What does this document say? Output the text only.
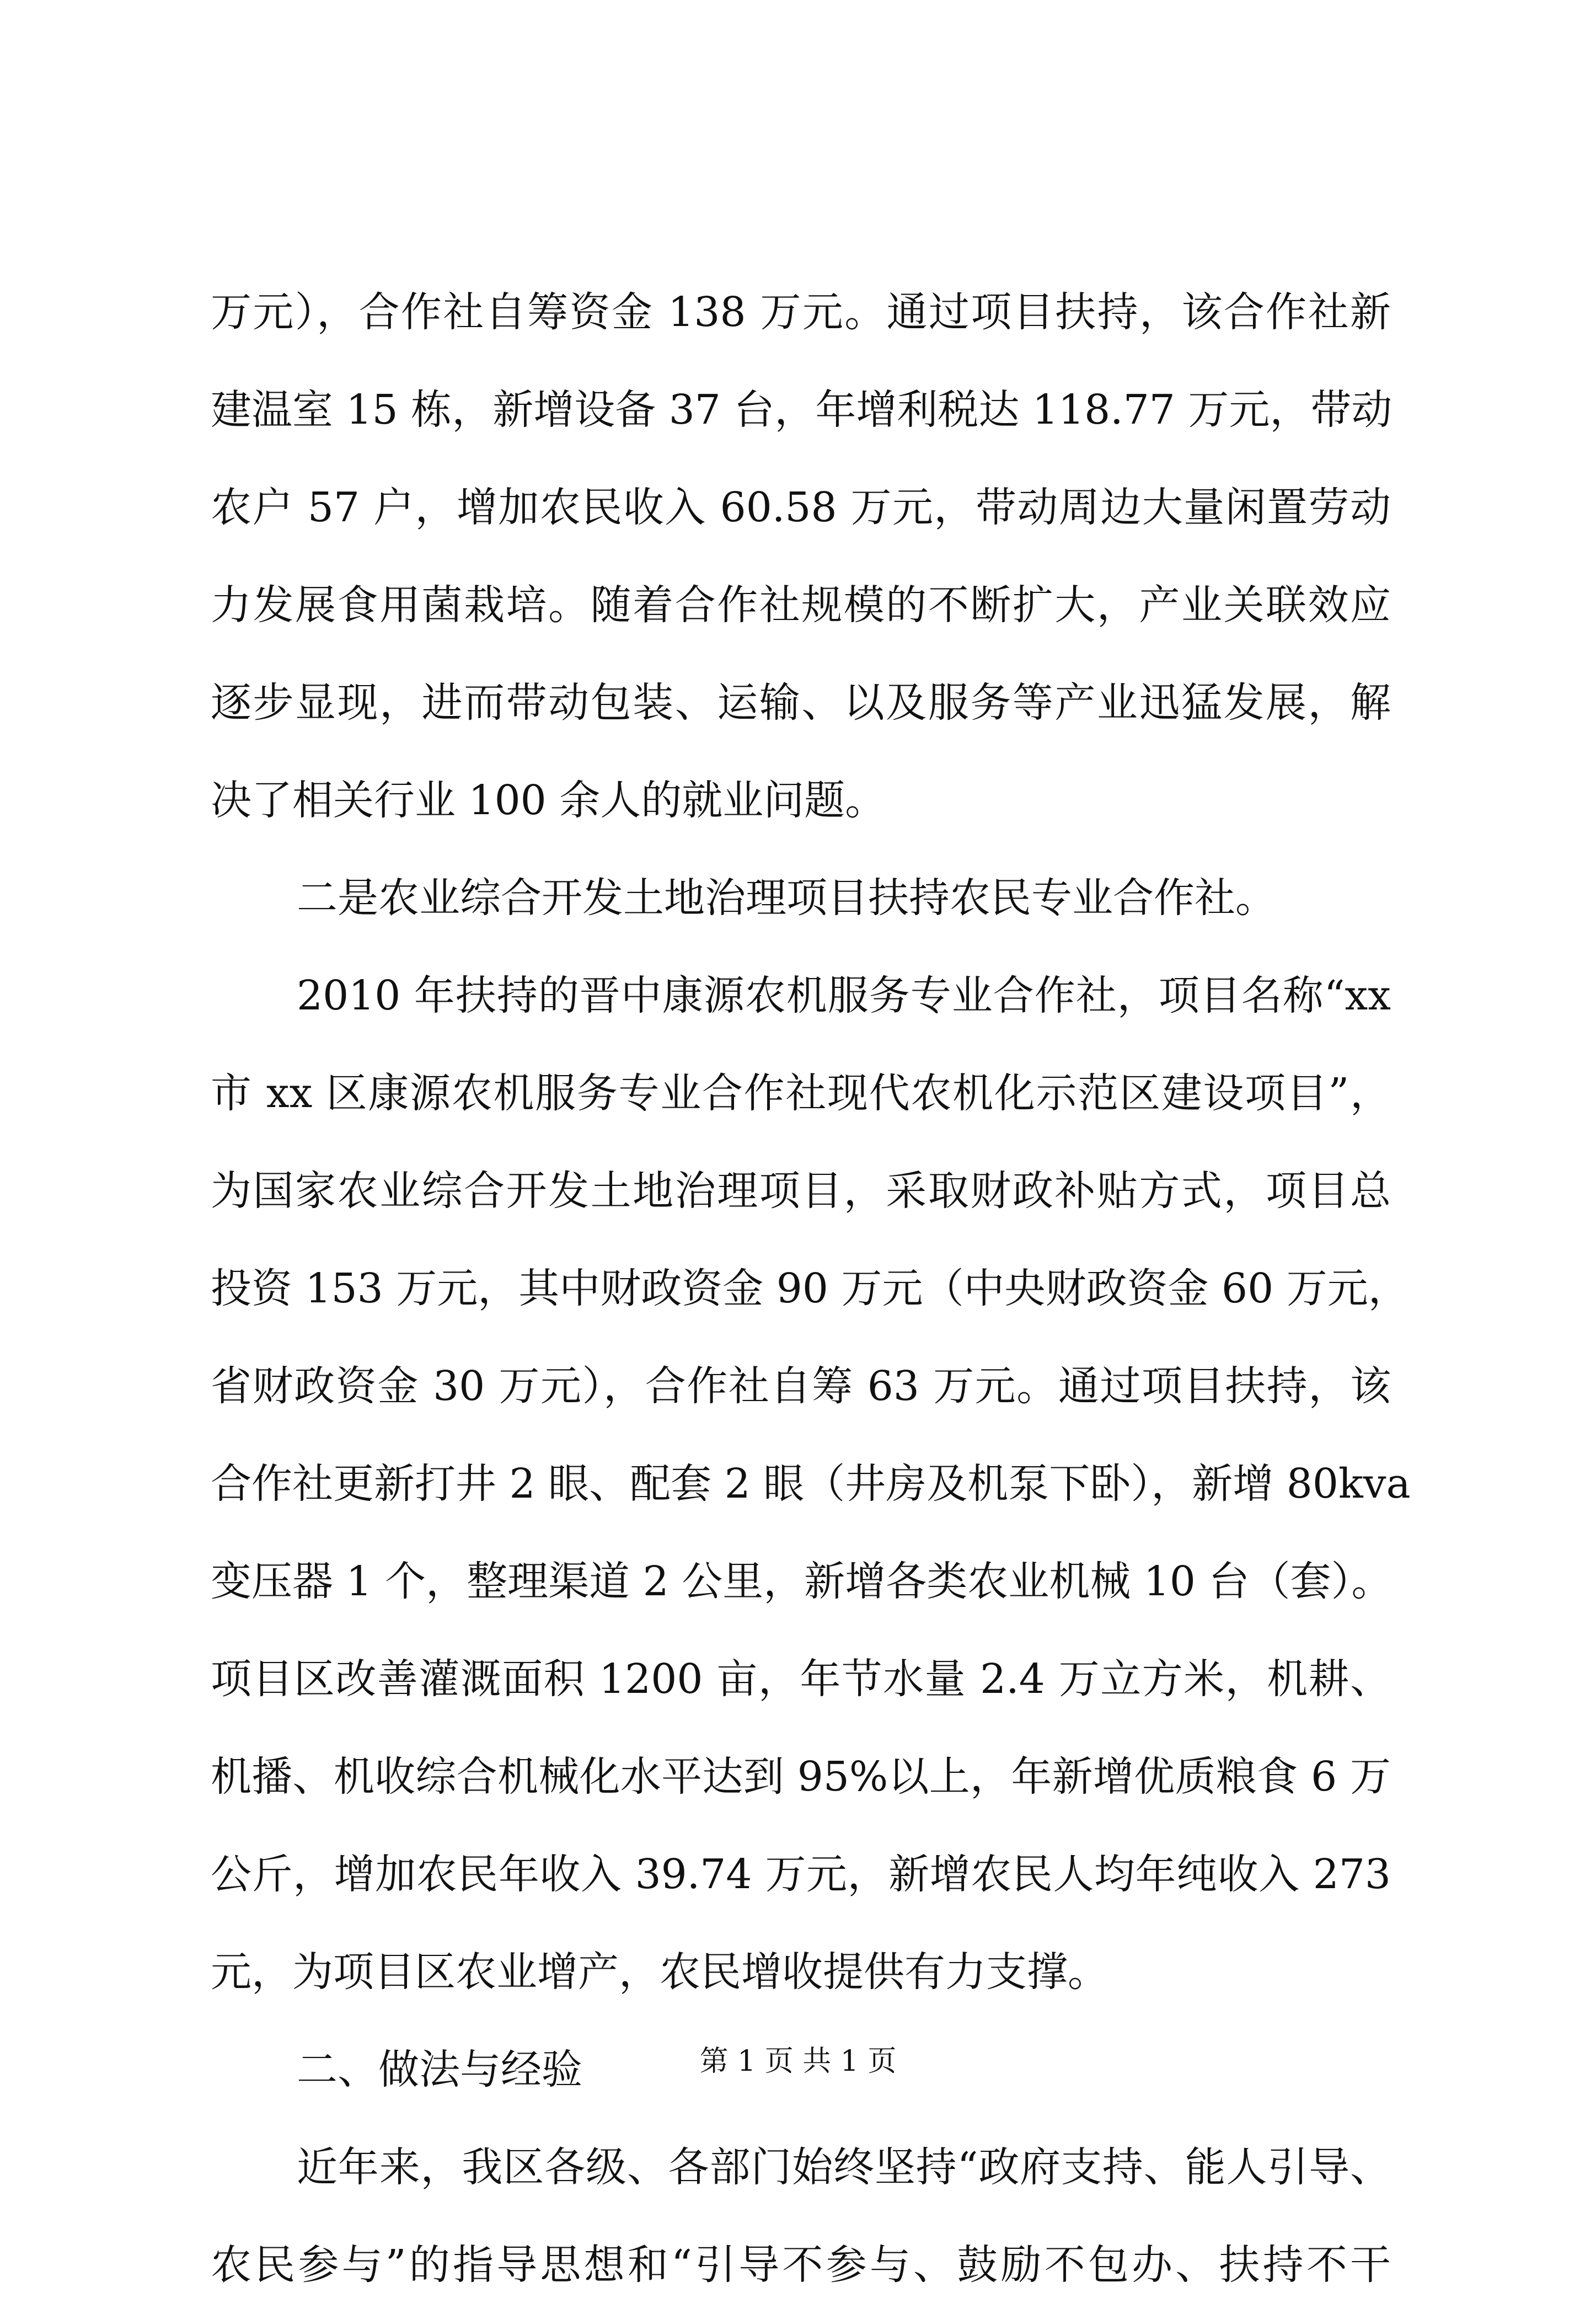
万元），合作社自筹资金 138 万元。通过项目扶持，该合作社新
建温室 15 栋，新增设备 37 台，年增利税达 118.77 万元，带动
农户 57 户，增加农民收入 60.58 万元，带动周边大量闲置劳动
力发展食用菌栽培。随着合作社规模的不断扩大，产业关联效应
逐步显现，进而带动包装、运输、以及服务等产业迅猛发展，解
决了相关行业 100 余人的就业问题。
二是农业综合开发土地治理项目扶持农民专业合作社。
2010 年扶持的晋中康源农机服务专业合作社，项目名称“xx
市 xx 区康源农机服务专业合作社现代农机化示范区建设项目”，
为国家农业综合开发土地治理项目，采取财政补贴方式，项目总
投资 153 万元，其中财政资金 90 万元（中央财政资金 60 万元，
省财政资金 30 万元），合作社自筹 63 万元。通过项目扶持，该
合作社更新打井 2 眼、配套 2 眼（井房及机泵下卧），新增 80kva
变压器 1 个，整理渠道 2 公里，新增各类农业机械 10 台（套）。
项目区改善灌溉面积 1200 亩，年节水量 2.4 万立方米，机耕、
机播、机收综合机械化水平达到 95%以上，年新增优质粮食 6 万
公斤，增加农民年收入 39.74 万元，新增农民人均年纯收入 273
元，为项目区农业增产，农民增收提供有力支撑。
二、做法与经验
近年来，我区各级、各部门始终坚持“政府支持、能人引导、
农民参与”的指导思想和“引导不参与、鼓励不包办、扶持不干
第 1 页 共 1 页
